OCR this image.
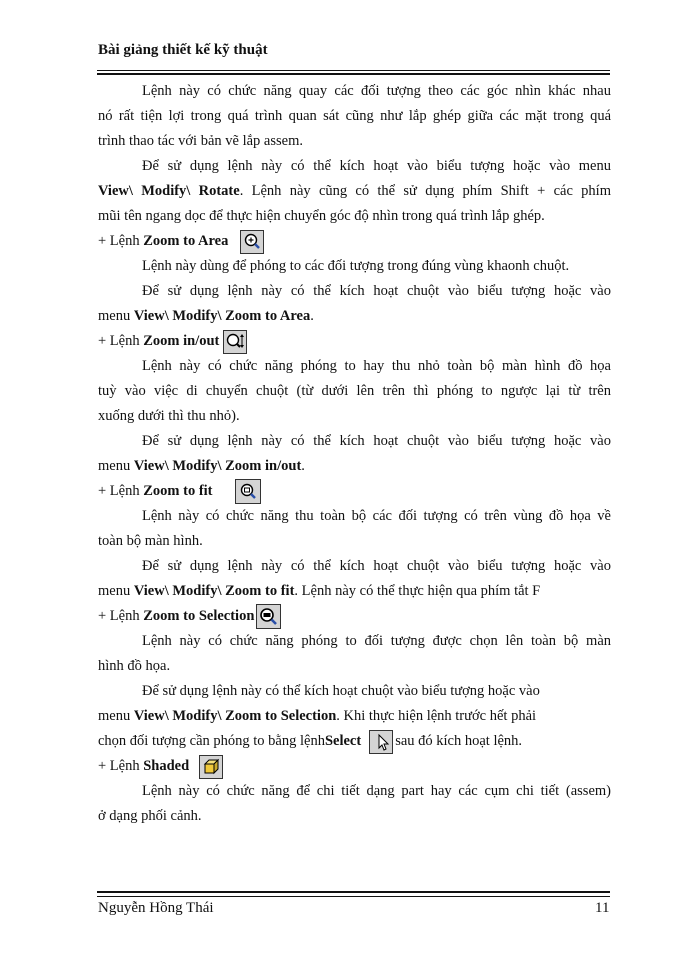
Bài giảng thiết kế kỹ thuật
Lệnh này có chức năng quay các đối tượng theo các góc nhìn khác nhau
nó rất tiện lợi trong quá trình quan sát cũng như lắp ghép giữa các mặt trong quá
trình thao tác với bản vẽ lắp assem.
Để sử dụng lệnh này có thể kích hoạt vào biểu tượng hoặc vào menu
View\ Modify\ Rotate. Lệnh này cũng có thể sử dụng phím Shift + các phím
mũi tên ngang dọc để thực hiện chuyển góc độ nhìn trong quá trình lắp ghép.
+ Lệnh
Zoom to Area
Lệnh này dùng để phóng to các đối tượng trong đúng vùng khaonh chuột.
Để sử dụng lệnh này có thể kích hoạt chuột vào biểu tượng hoặc vào
menu View\ Modify\ Zoom to Area.
+ Lệnh
Zoom in/out
Lệnh này có chức năng phóng to hay thu nhỏ toàn bộ màn hình đồ họa
tuỳ vào việc di chuyển chuột (từ dưới lên trên thì phóng to ngược lại từ trên
xuống dưới thì thu nhỏ).
Để sử dụng lệnh này có thể kích hoạt chuột vào biểu tượng hoặc vào
menu View\ Modify\ Zoom in/out.
+ Lệnh
Zoom to fit
Lệnh này có chức năng thu toàn bộ các đối tượng có trên vùng đồ họa về
toàn bộ màn hình.
Để sử dụng lệnh này có thể kích hoạt chuột vào biểu tượng hoặc vào
menu View\ Modify\ Zoom to fit. Lệnh này có thể thực hiện qua phím tắt F
+ Lệnh
Zoom to Selection
Lệnh này có chức năng phóng to đối tượng được chọn lên toàn bộ màn
hình đồ họa.
Để sử dụng lệnh này có thể kích hoạt chuột vào biểu tượng hoặc vào
menu View\ Modify\ Zoom to Selection. Khi thực hiện lệnh trước hết phải
chọn đối tượng cần phóng to bằng lệnh Select sau đó kích hoạt lệnh.
+ Lệnh
Shaded
Lệnh này có chức năng để chi tiết dạng part hay các cụm chi tiết (assem)
ở dạng phối cảnh.
Nguyễn Hồng Thái	11
